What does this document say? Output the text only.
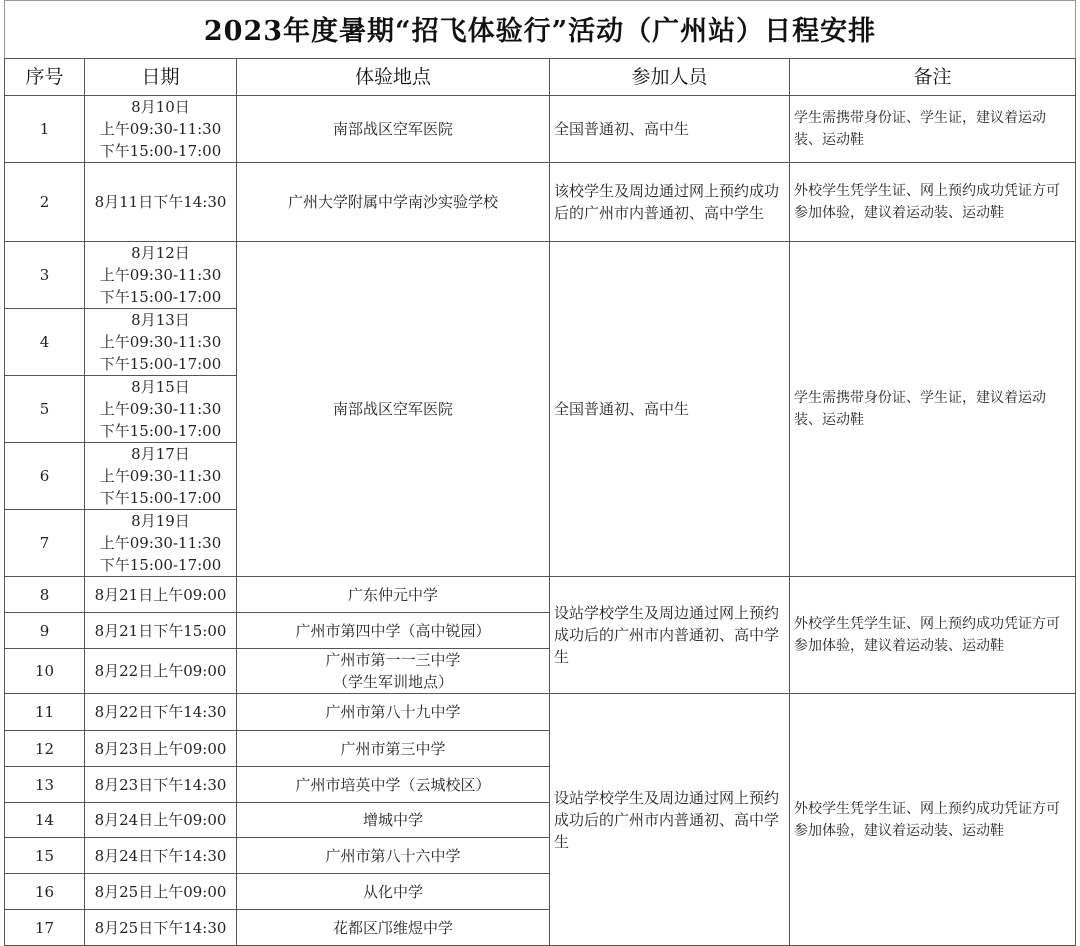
2023年度暑期“招飞体验行”活动（广州站）日程安排
序号	日期	体验地点	参加人员	备注
1	8月10日
上午09:30-11:30
下午15:00-17:00	南部战区空军医院	全国普通初、高中生	学生需携带身份证、学生证，建议着运动装、运动鞋
2	8月11日下午14:30	广州大学附属中学南沙实验学校	该校学生及周边通过网上预约成功后的广州市内普通初、高中学生	外校学生凭学生证、网上预约成功凭证方可参加体验，建议着运动装、运动鞋
3	8月12日
上午09:30-11:30
下午15:00-17:00	南部战区空军医院	全国普通初、高中生	学生需携带身份证、学生证，建议着运动装、运动鞋
4	8月13日
上午09:30-11:30
下午15:00-17:00			

5	8月15日
上午09:30-11:30
下午15:00-17:00			

6	8月17日
上午09:30-11:30
下午15:00-17:00			

7	8月19日
上午09:30-11:30
下午15:00-17:00			

8	8月21日上午09:00	广东仲元中学	设站学校学生及周边通过网上预约成功后的广州市内普通初、高中学生	外校学生凭学生证、网上预约成功凭证方可参加体验，建议着运动装、运动鞋
9	8月21日下午15:00	广州市第四中学（高中锐园）		

10	8月22日上午09:00	广州市第一一三中学
（学生军训地点）		

11	8月22日下午14:30	广州市第八十九中学	设站学校学生及周边通过网上预约成功后的广州市内普通初、高中学生	外校学生凭学生证、网上预约成功凭证方可参加体验，建议着运动装、运动鞋
12	8月23日上午09:00	广州市第三中学		

13	8月23日下午14:30	广州市培英中学（云城校区）		

14	8月24日上午09:00	增城中学		

15	8月24日下午14:30	广州市第八十六中学		

16	8月25日上午09:00	从化中学		

17	8月25日下午14:30	花都区邝维煜中学		
